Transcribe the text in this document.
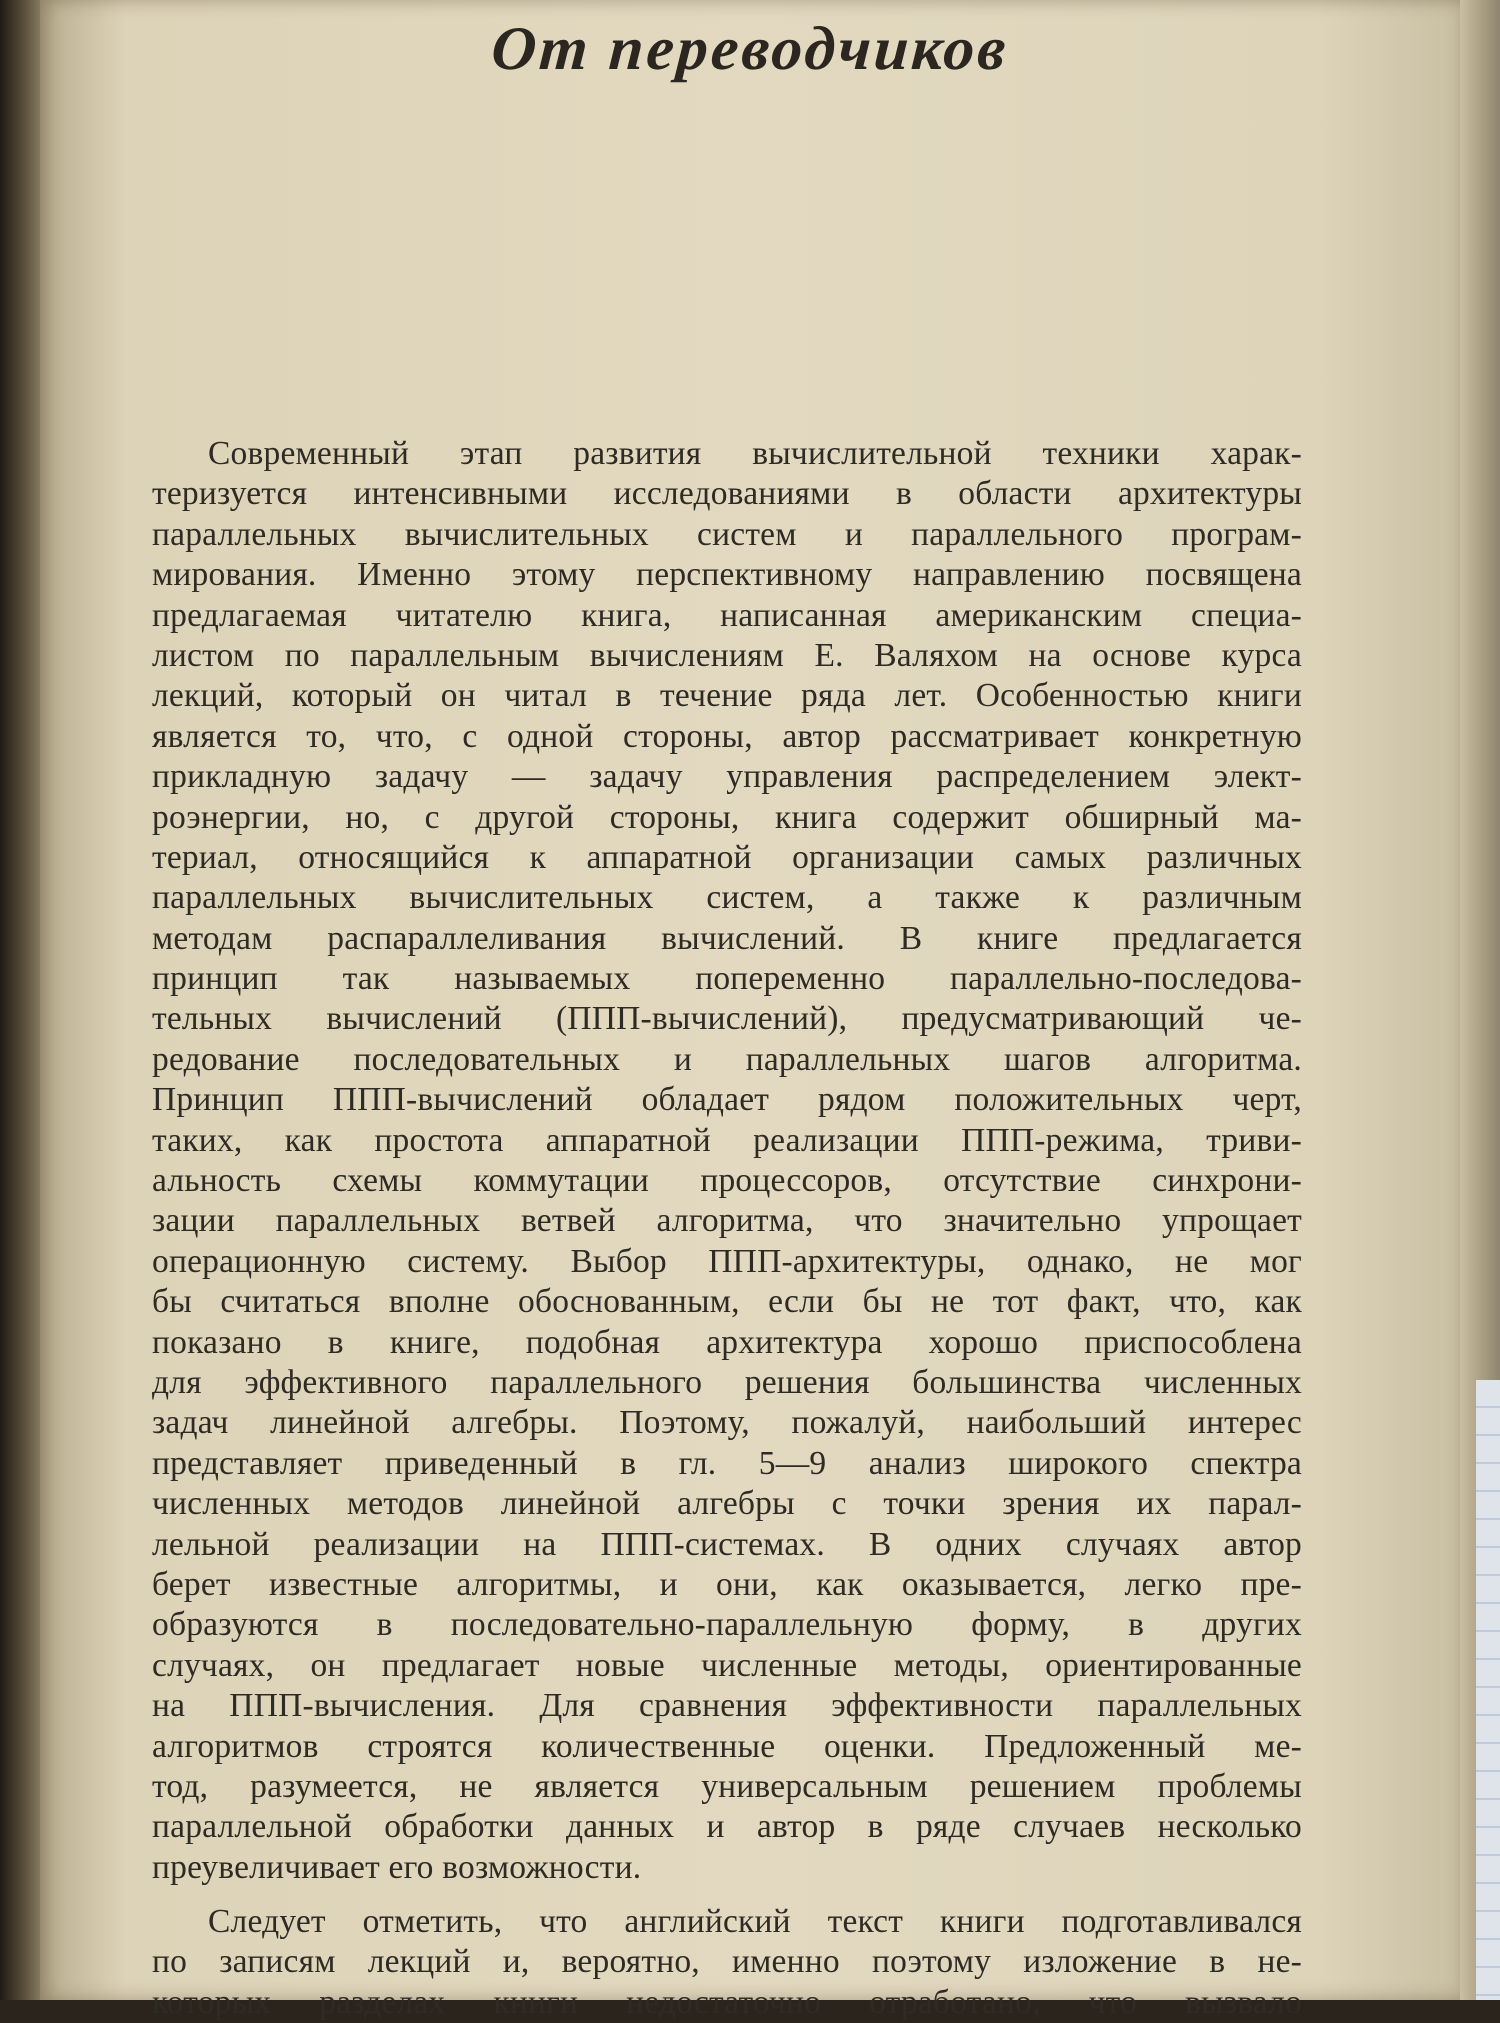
От переводчиков
Современный этап развития вычислительной техники харак-
теризуется интенсивными исследованиями в области архитектуры
параллельных вычислительных систем и параллельного програм-
мирования. Именно этому перспективному направлению посвящена
предлагаемая читателю книга, написанная американским специа-
листом по параллельным вычислениям Е. Валяхом на основе курса
лекций, который он читал в течение ряда лет. Особенностью книги
является то, что, с одной стороны, автор рассматривает конкретную
прикладную задачу — задачу управления распределением элект-
роэнергии, но, с другой стороны, книга содержит обширный ма-
териал, относящийся к аппаратной организации самых различных
параллельных вычислительных систем, а также к различным
методам распараллеливания вычислений. В книге предлагается
принцип так называемых попеременно параллельно-последова-
тельных вычислений (ППП-вычислений), предусматривающий че-
редование последовательных и параллельных шагов алгоритма.
Принцип ППП-вычислений обладает рядом положительных черт,
таких, как простота аппаратной реализации ППП-режима, триви-
альность схемы коммутации процессоров, отсутствие синхрони-
зации параллельных ветвей алгоритма, что значительно упрощает
операционную систему. Выбор ППП-архитектуры, однако, не мог
бы считаться вполне обоснованным, если бы не тот факт, что, как
показано в книге, подобная архитектура хорошо приспособлена
для эффективного параллельного решения большинства численных
задач линейной алгебры. Поэтому, пожалуй, наибольший интерес
представляет приведенный в гл. 5—9 анализ широкого спектра
численных методов линейной алгебры с точки зрения их парал-
лельной реализации на ППП-системах. В одних случаях автор
берет известные алгоритмы, и они, как оказывается, легко пре-
образуются в последовательно-параллельную форму, в других
случаях, он предлагает новые численные методы, ориентированные
на ППП-вычисления. Для сравнения эффективности параллельных
алгоритмов строятся количественные оценки. Предложенный ме-
тод, разумеется, не является универсальным решением проблемы
параллельной обработки данных и автор в ряде случаев несколько
преувеличивает его возможности.
Следует отметить, что английский текст книги подготавливался
по записям лекций и, вероятно, именно поэтому изложение в не-
которых разделах книги недостаточно отработано, что вызвало
